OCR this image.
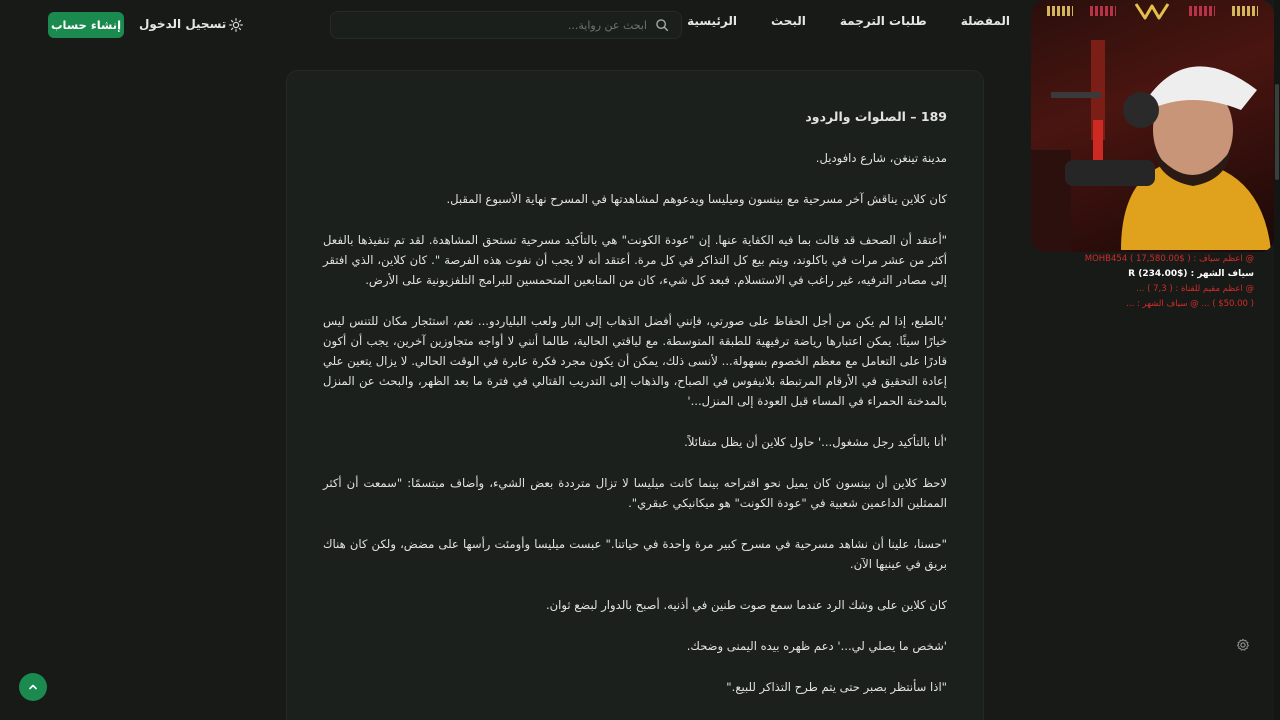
الرئيسية	البحث	طلبات الترجمة	المفضلة
ابحث عن رواية...
تسجيل الدخول
إنشاء حساب

189 – الصلوات والردود

مدينة تينغن، شارع دافوديل.

كان كلاين يناقش آخر مسرحية مع بينسون وميليسا ويدعوهم لمشاهدتها في المسرح نهاية الأسبوع المقبل.

"أعتقد أن الصحف قد قالت بما فيه الكفاية عنها. إن "عودة الكونت" هي بالتأكيد مسرحية تستحق المشاهدة. لقد تم تنفيذها بالفعل أكثر من عشر مرات في باكلوند، ويتم بيع كل التذاكر في كل مرة. أعتقد أنه لا يجب أن نفوت هذه الفرصة ". كان كلاين، الذي افتقر إلى مصادر الترفيه، غير راغب في الاستسلام. فبعد كل شيء، كان من المتابعين المتحمسين للبرامج التلفزيونية على الأرض.

'بالطبع، إذا لم يكن من أجل الحفاظ على صورتي، فإنني أفضل الذهاب إلى البار ولعب البلياردو... نعم، استئجار مكان للتنس ليس خيارًا سيئًا. يمكن اعتبارها رياضة ترفيهية للطبقة المتوسطة. مع لياقتي الحالية، طالما أنني لا أواجه متجاوزين آخرين، يجب أن أكون قادرًا على التعامل مع معظم الخصوم بسهولة... لأنسى ذلك، يمكن أن يكون مجرد فكرة عابرة في الوقت الحالي. لا يزال يتعين علي إعادة التحقيق في الأرقام المرتبطة بلانيفوس في الصباح، والذهاب إلى التدريب القتالي في فترة ما بعد الظهر، والبحث عن المنزل بالمدخنة الحمراء في المساء قبل العودة إلى المنزل...'

'أنا بالتأكيد رجل مشغول...' حاول كلاين أن يظل متفائلاً.

لاحظ كلاين أن بينسون كان يميل نحو اقتراحه بينما كانت ميليسا لا تزال مترددة بعض الشيء، وأضاف مبتسمًا: "سمعت أن أكثر الممثلين الداعمين شعبية في "عودة الكونت" هو ميكانيكي عبقري".

"حسنا، علينا أن نشاهد مسرحية في مسرح كبير مرة واحدة في حياتنا." عبست ميليسا وأومئت رأسها على مضض، ولكن كان هناك بريق في عينيها الآن.

كان كلاين على وشك الرد عندما سمع صوت طنين في أذنيه. أصبح بالدوار لبضع ثوان.

'شخص ما يصلي لي...' دعم ظهره بيده اليمنى وضحك.

"اذا سأنتظر بصبر حتى يتم طرح التذاكر للبيع."

@ اعظم سياف : ( $17,580.00 ) MOHB454
سياف الشهر : ($234.00) R
@ اعظم مقيم للقناة : ( 7,3 ) ...
( $50.00 ) ... @ سياف الشهر : ...
